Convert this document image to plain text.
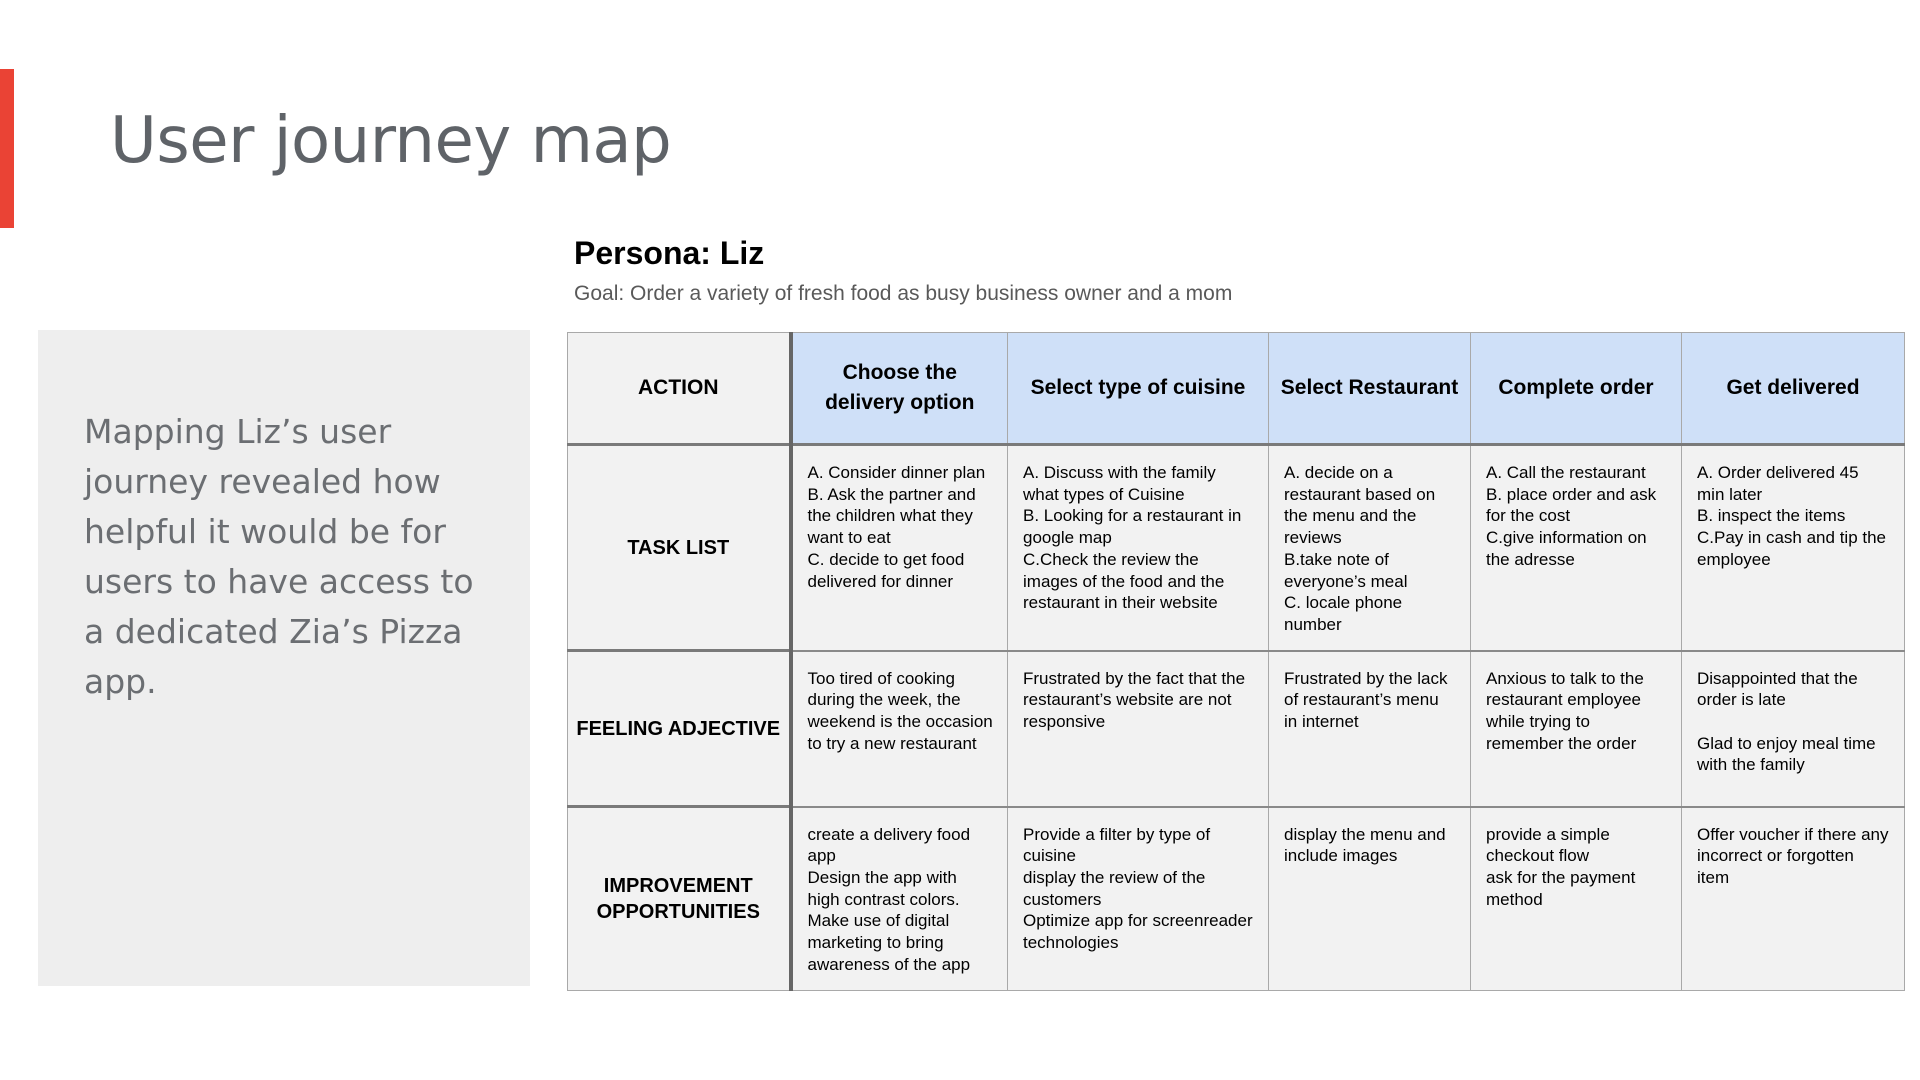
User journey map
Persona: Liz
Goal: Order a variety of fresh food as busy business owner and a mom
Mapping Liz’s user journey revealed how helpful it would be for users to have access to a dedicated Zia’s Pizza app.
ACTION	Choose the delivery option	Select type of cuisine	Select Restaurant	Complete order	Get delivered
TASK LIST	A. Consider dinner plan
B. Ask the partner and the children what they want to eat
C. decide to get food delivered for dinner	A. Discuss with the family what types of Cuisine
B. Looking for a restaurant in google map
C.Check the review the images of the food and the restaurant in their website	A. decide on a restaurant based on the menu and the reviews
B.take note of everyone’s meal
C. locale phone number	A. Call the restaurant
B. place order and ask for the cost
C.give information on the adresse	A. Order delivered 45
min later
B. inspect the items
C.Pay in cash and tip the employee
FEELING ADJECTIVE	Too tired of cooking during the week, the weekend is the occasion to try a new restaurant	Frustrated by the fact that the restaurant’s website are not responsive	Frustrated by the lack of restaurant’s menu in internet	Anxious to talk to the restaurant employee while trying to remember the order	Disappointed that the order is late

Glad to enjoy meal time with the family
IMPROVEMENT OPPORTUNITIES	create a delivery food app
Design the app with high contrast colors.
Make use of digital marketing to bring awareness of the app	Provide a filter by type of cuisine
display the review of the customers
Optimize app for screenreader technologies	display the menu and include images	provide a simple checkout flow
ask for the payment method	Offer voucher if there any incorrect or forgotten item
